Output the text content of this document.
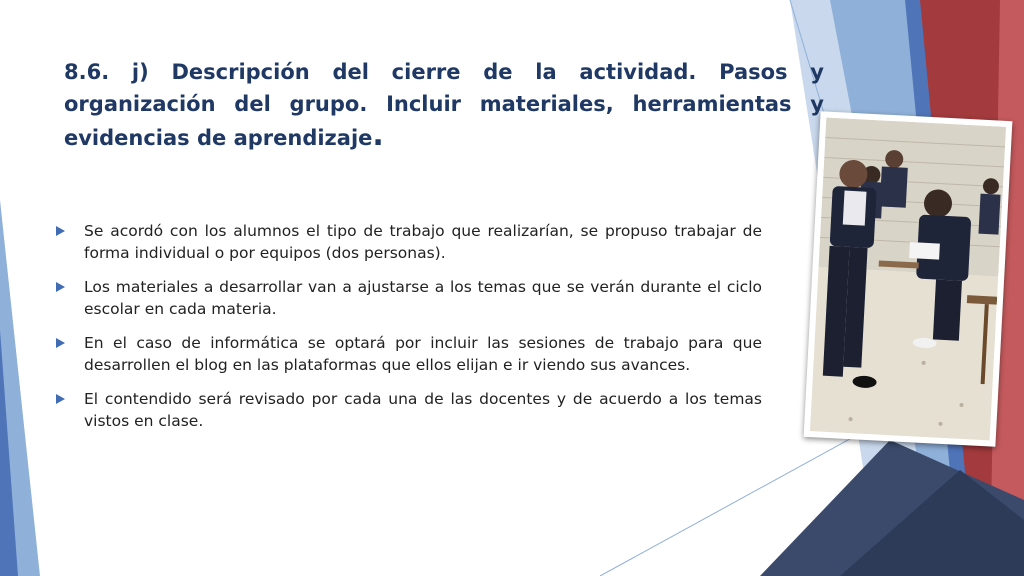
8.6. j) Descripción del cierre de la actividad. Pasos y
organización del grupo. Incluir materiales, herramientas y
evidencias de aprendizaje.
Se acordó con los alumnos el tipo de trabajo que realizarían, se propuso trabajar de forma individual o por equipos (dos personas).
Los materiales a desarrollar van a ajustarse a los temas que se verán durante el ciclo escolar en cada materia.
En el caso de informática se optará por incluir las sesiones de trabajo para que desarrollen el blog en las plataformas que ellos elijan e ir viendo sus avances.
El contendido será revisado por cada una de las docentes y de acuerdo a los temas vistos en clase.
